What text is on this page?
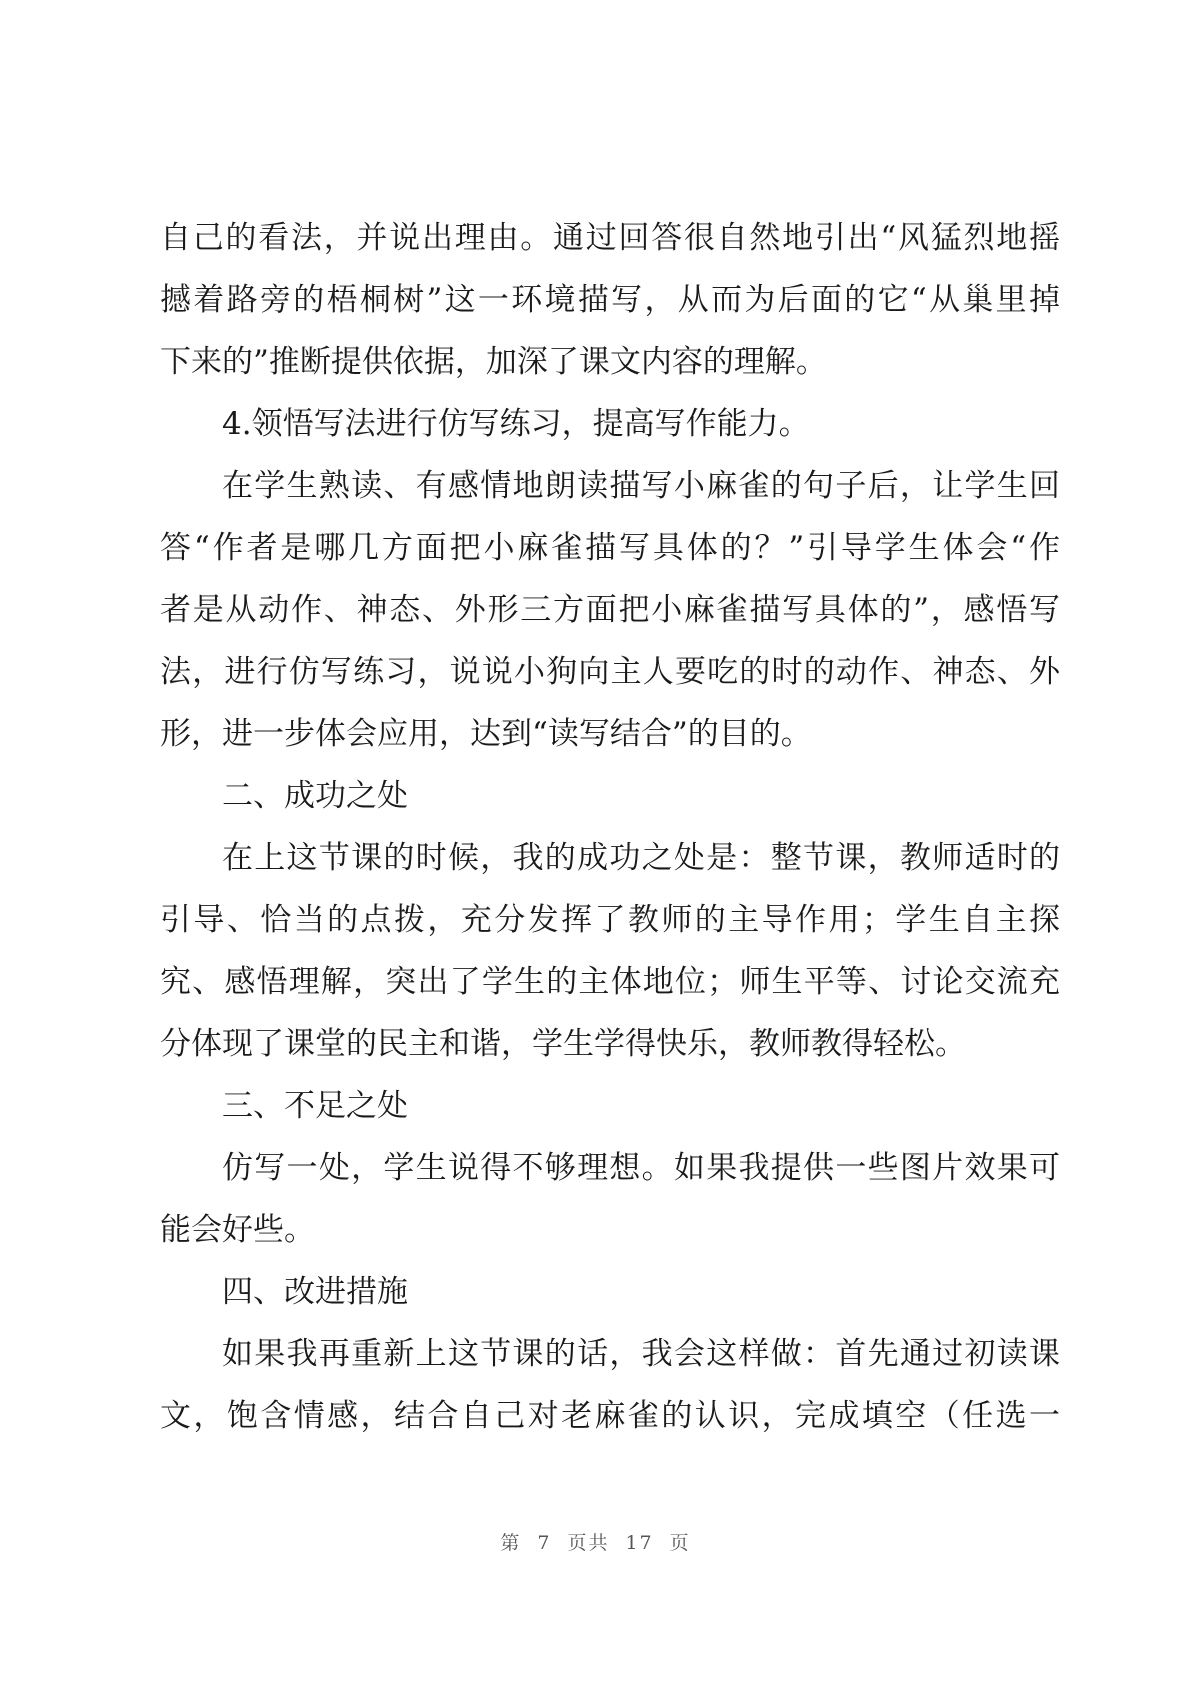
自己的看法，并说出理由。通过回答很自然地引出“风猛烈地摇
撼着路旁的梧桐树”这一环境描写，从而为后面的它“从巢里掉
下来的”推断提供依据，加深了课文内容的理解。
4.领悟写法进行仿写练习，提高写作能力。
在学生熟读、有感情地朗读描写小麻雀的句子后，让学生回
答“作者是哪几方面把小麻雀描写具体的？”引导学生体会“作
者是从动作、神态、外形三方面把小麻雀描写具体的”，感悟写
法，进行仿写练习，说说小狗向主人要吃的时的动作、神态、外
形，进一步体会应用，达到“读写结合”的目的。
二、成功之处
在上这节课的时候，我的成功之处是：整节课，教师适时的
引导、恰当的点拨，充分发挥了教师的主导作用；学生自主探
究、感悟理解，突出了学生的主体地位；师生平等、讨论交流充
分体现了课堂的民主和谐，学生学得快乐，教师教得轻松。
三、不足之处
仿写一处，学生说得不够理想。如果我提供一些图片效果可
能会好些。
四、改进措施
如果我再重新上这节课的话，我会这样做：首先通过初读课
文，饱含情感，结合自己对老麻雀的认识，完成填空（任选一
第 7 页共 17 页
